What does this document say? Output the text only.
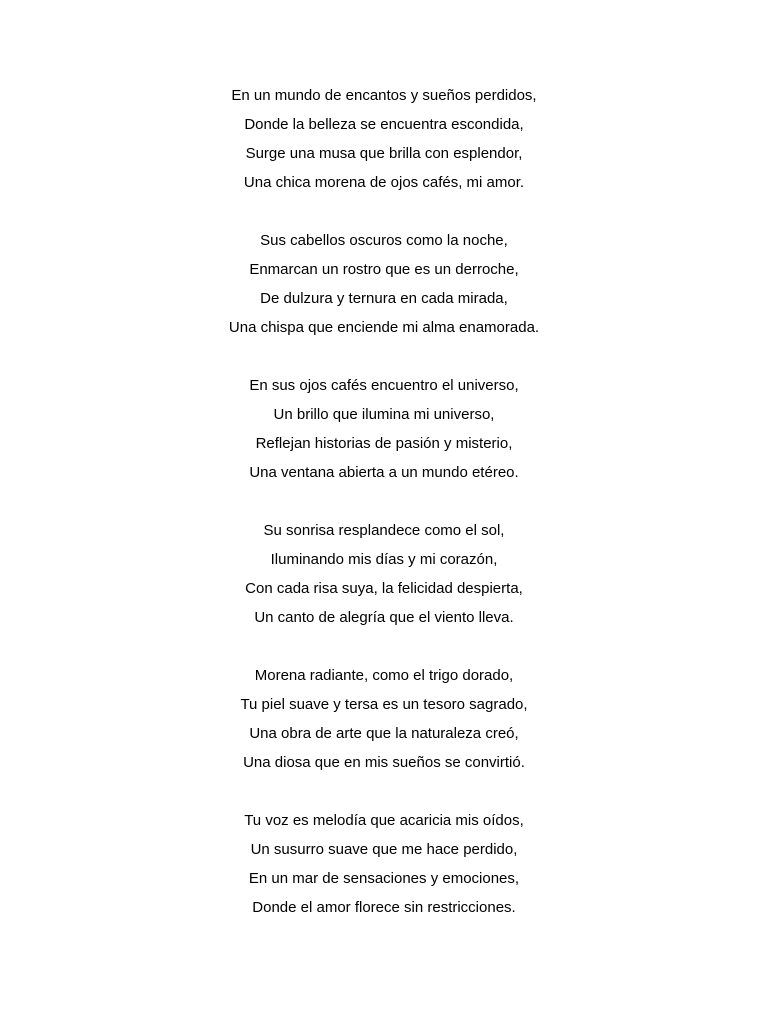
En un mundo de encantos y sueños perdidos,
Donde la belleza se encuentra escondida,
Surge una musa que brilla con esplendor,
Una chica morena de ojos cafés, mi amor.
Sus cabellos oscuros como la noche,
Enmarcan un rostro que es un derroche,
De dulzura y ternura en cada mirada,
Una chispa que enciende mi alma enamorada.
En sus ojos cafés encuentro el universo,
Un brillo que ilumina mi universo,
Reflejan historias de pasión y misterio,
Una ventana abierta a un mundo etéreo.
Su sonrisa resplandece como el sol,
Iluminando mis días y mi corazón,
Con cada risa suya, la felicidad despierta,
Un canto de alegría que el viento lleva.
Morena radiante, como el trigo dorado,
Tu piel suave y tersa es un tesoro sagrado,
Una obra de arte que la naturaleza creó,
Una diosa que en mis sueños se convirtió.
Tu voz es melodía que acaricia mis oídos,
Un susurro suave que me hace perdido,
En un mar de sensaciones y emociones,
Donde el amor florece sin restricciones.
